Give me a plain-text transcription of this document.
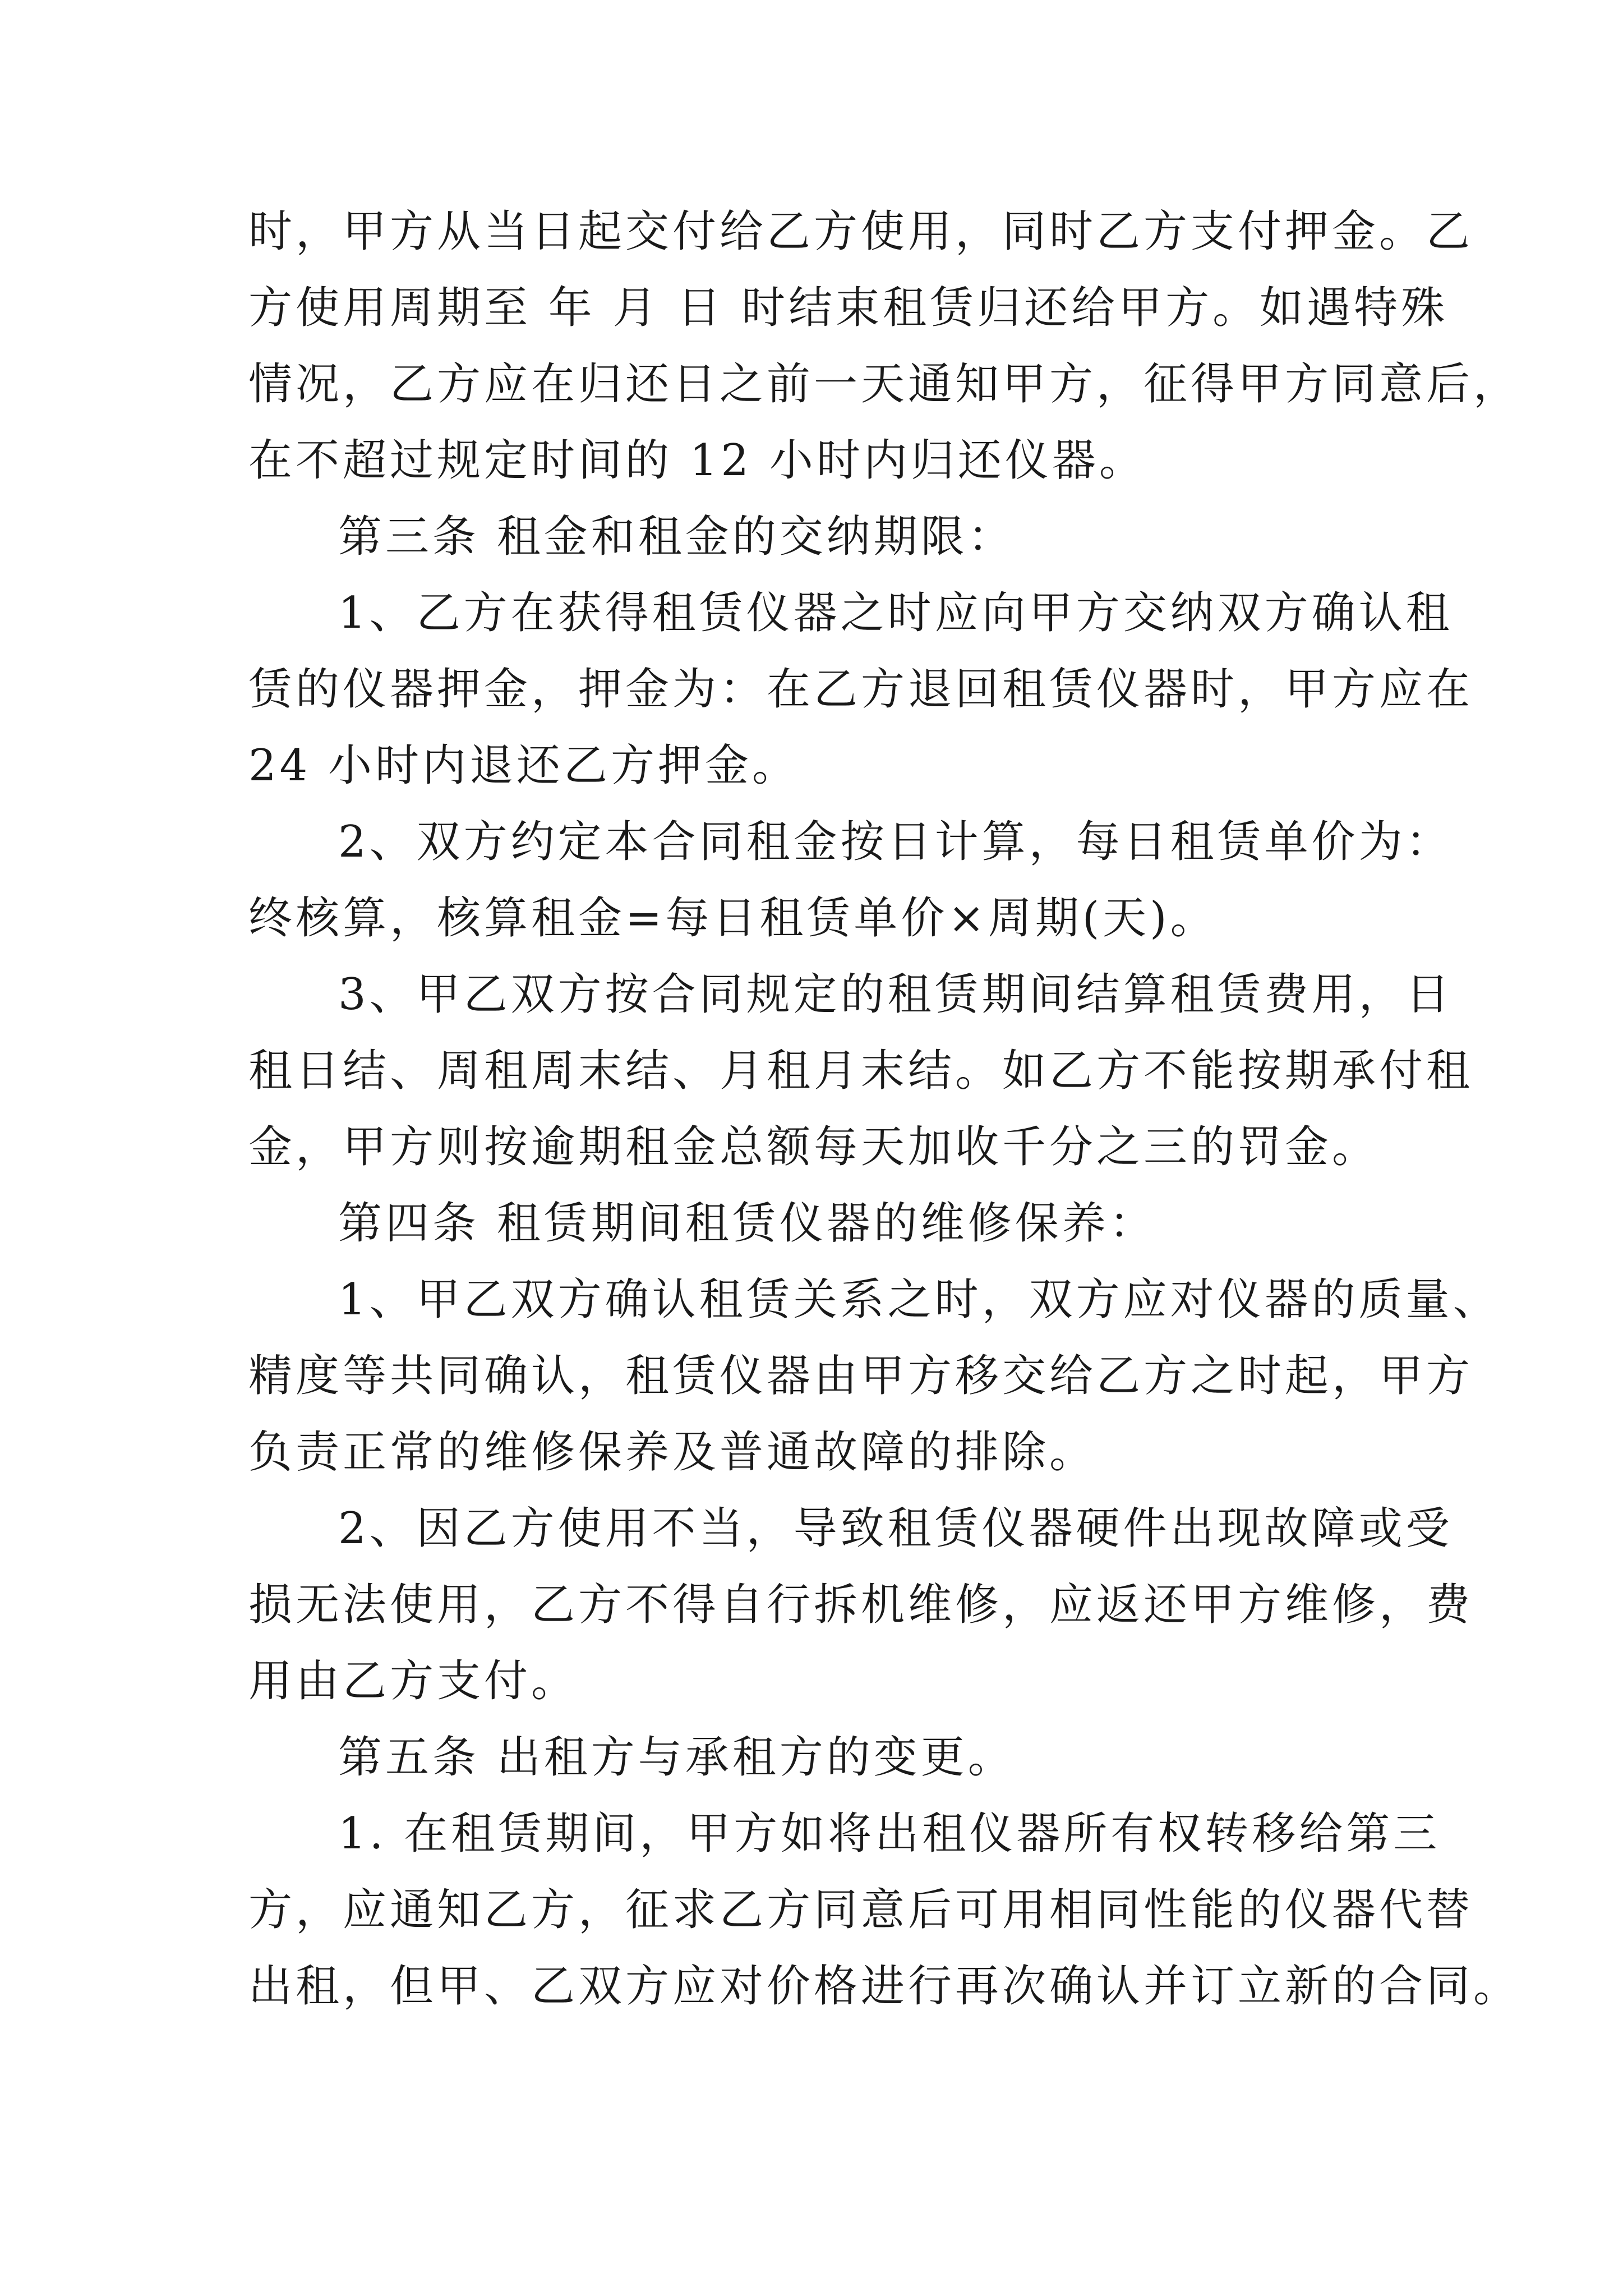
时，甲方从当日起交付给乙方使用，同时乙方支付押金。乙
方使用周期至 年 月 日 时结束租赁归还给甲方。如遇特殊
情况，乙方应在归还日之前一天通知甲方，征得甲方同意后，
在不超过规定时间的 12 小时内归还仪器。
第三条 租金和租金的交纳期限：
1、乙方在获得租赁仪器之时应向甲方交纳双方确认租
赁的仪器押金，押金为：在乙方退回租赁仪器时，甲方应在
24 小时内退还乙方押金。
2、双方约定本合同租金按日计算，每日租赁单价为：
终核算，核算租金=每日租赁单价×周期(天)。
3、甲乙双方按合同规定的租赁期间结算租赁费用，日
租日结、周租周末结、月租月末结。如乙方不能按期承付租
金，甲方则按逾期租金总额每天加收千分之三的罚金。
第四条 租赁期间租赁仪器的维修保养：
1、甲乙双方确认租赁关系之时，双方应对仪器的质量、
精度等共同确认，租赁仪器由甲方移交给乙方之时起，甲方
负责正常的维修保养及普通故障的排除。
2、因乙方使用不当，导致租赁仪器硬件出现故障或受
损无法使用，乙方不得自行拆机维修，应返还甲方维修，费
用由乙方支付。
第五条 出租方与承租方的变更。
1. 在租赁期间，甲方如将出租仪器所有权转移给第三
方，应通知乙方，征求乙方同意后可用相同性能的仪器代替
出租，但甲、乙双方应对价格进行再次确认并订立新的合同。
